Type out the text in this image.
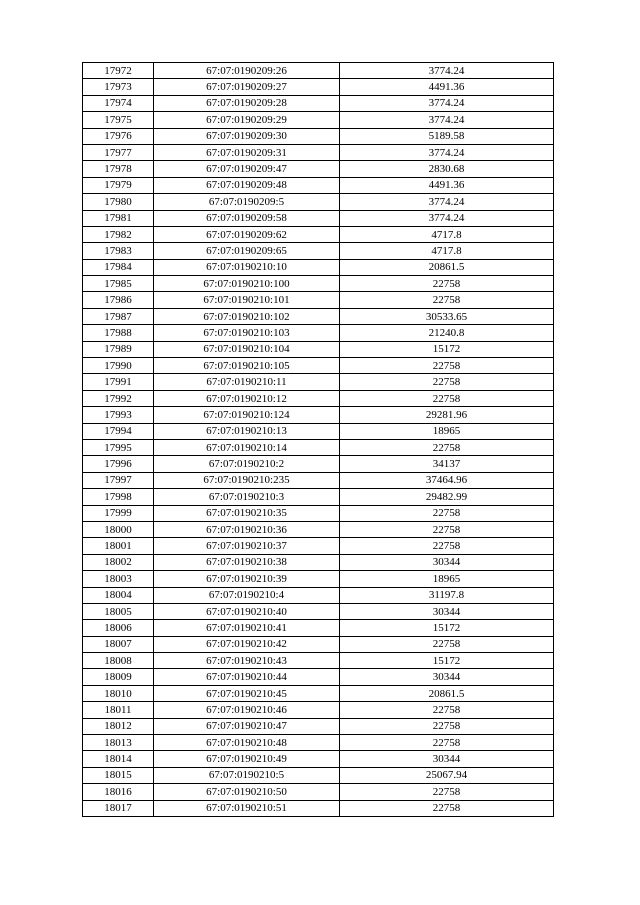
17972	67:07:0190209:26	3774.24
17973	67:07:0190209:27	4491.36
17974	67:07:0190209:28	3774.24
17975	67:07:0190209:29	3774.24
17976	67:07:0190209:30	5189.58
17977	67:07:0190209:31	3774.24
17978	67:07:0190209:47	2830.68
17979	67:07:0190209:48	4491.36
17980	67:07:0190209:5	3774.24
17981	67:07:0190209:58	3774.24
17982	67:07:0190209:62	4717.8
17983	67:07:0190209:65	4717.8
17984	67:07:0190210:10	20861.5
17985	67:07:0190210:100	22758
17986	67:07:0190210:101	22758
17987	67:07:0190210:102	30533.65
17988	67:07:0190210:103	21240.8
17989	67:07:0190210:104	15172
17990	67:07:0190210:105	22758
17991	67:07:0190210:11	22758
17992	67:07:0190210:12	22758
17993	67:07:0190210:124	29281.96
17994	67:07:0190210:13	18965
17995	67:07:0190210:14	22758
17996	67:07:0190210:2	34137
17997	67:07:0190210:235	37464.96
17998	67:07:0190210:3	29482.99
17999	67:07:0190210:35	22758
18000	67:07:0190210:36	22758
18001	67:07:0190210:37	22758
18002	67:07:0190210:38	30344
18003	67:07:0190210:39	18965
18004	67:07:0190210:4	31197.8
18005	67:07:0190210:40	30344
18006	67:07:0190210:41	15172
18007	67:07:0190210:42	22758
18008	67:07:0190210:43	15172
18009	67:07:0190210:44	30344
18010	67:07:0190210:45	20861.5
18011	67:07:0190210:46	22758
18012	67:07:0190210:47	22758
18013	67:07:0190210:48	22758
18014	67:07:0190210:49	30344
18015	67:07:0190210:5	25067.94
18016	67:07:0190210:50	22758
18017	67:07:0190210:51	22758
